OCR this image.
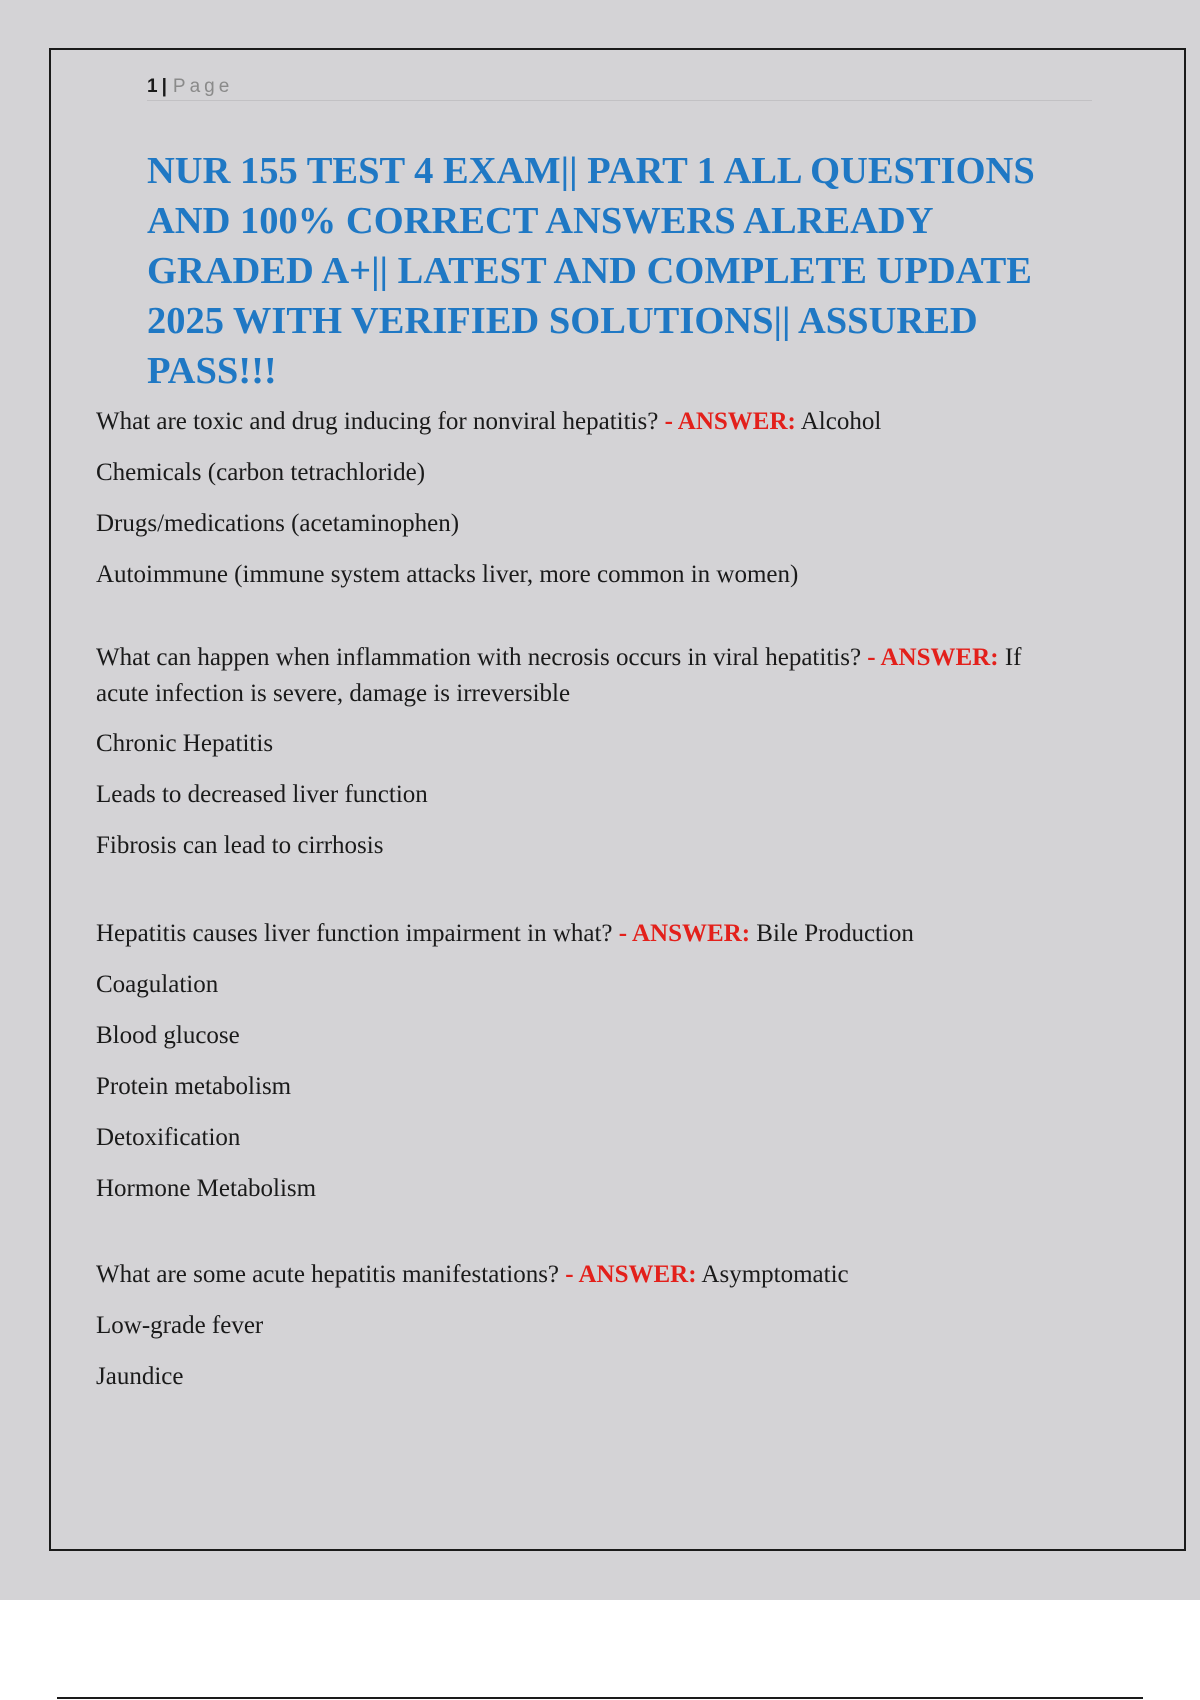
1 | Page
NUR 155 TEST 4 EXAM|| PART 1 ALL QUESTIONS AND 100% CORRECT ANSWERS ALREADY GRADED A+|| LATEST AND COMPLETE UPDATE 2025 WITH VERIFIED SOLUTIONS|| ASSURED PASS!!!

What are toxic and drug inducing for nonviral hepatitis? - ANSWER: Alcohol

Chemicals (carbon tetrachloride)

Drugs/medications (acetaminophen)

Autoimmune (immune system attacks liver, more common in women)

What can happen when inflammation with necrosis occurs in viral hepatitis? - ANSWER: If acute infection is severe, damage is irreversible

Chronic Hepatitis

Leads to decreased liver function

Fibrosis can lead to cirrhosis

Hepatitis causes liver function impairment in what? - ANSWER: Bile Production

Coagulation

Blood glucose

Protein metabolism

Detoxification

Hormone Metabolism

What are some acute hepatitis manifestations? - ANSWER: Asymptomatic

Low-grade fever

Jaundice
